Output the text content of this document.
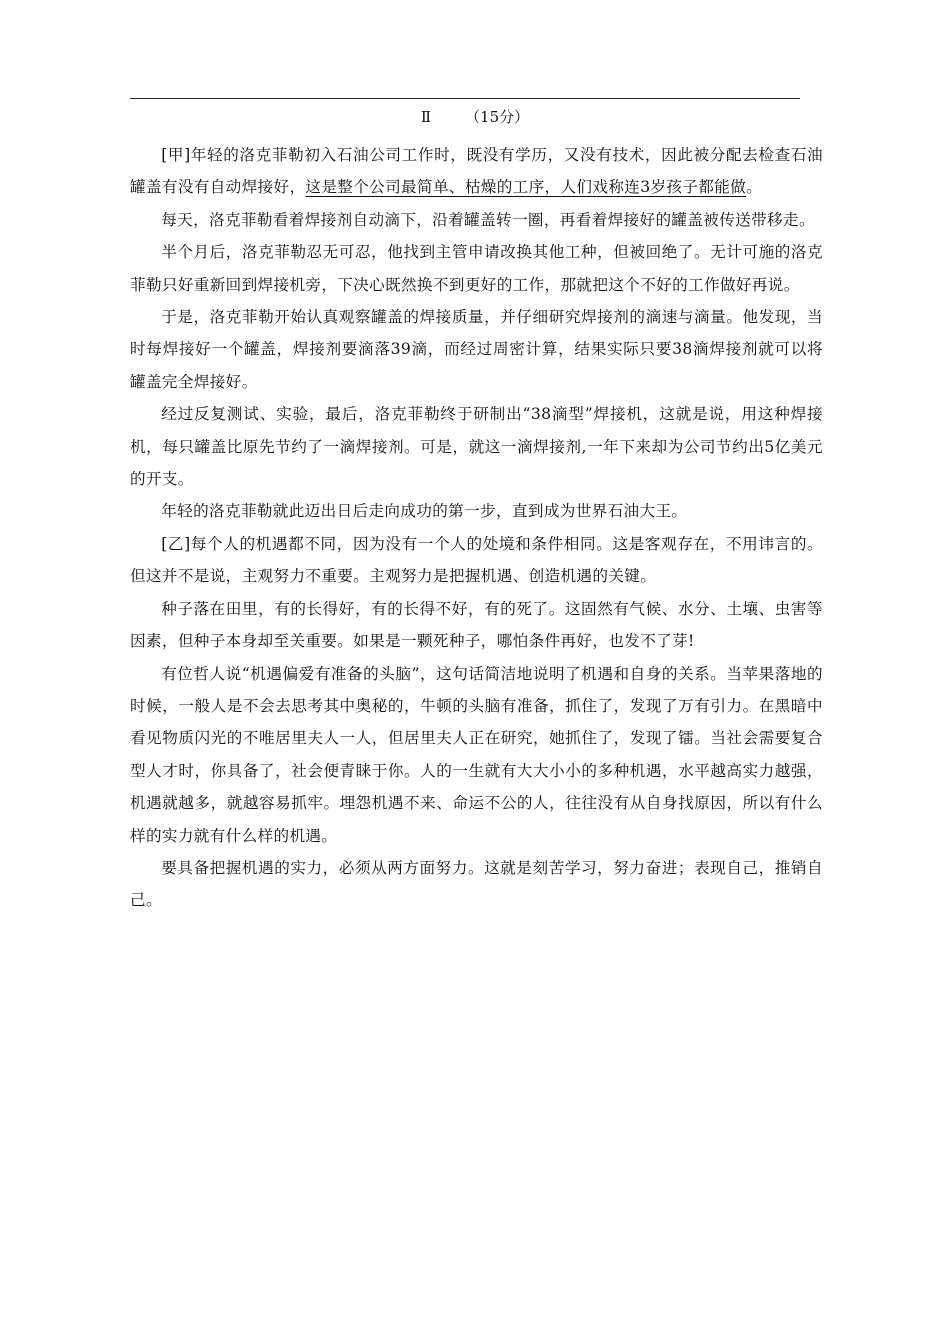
Ⅱ （15分）

[甲]年轻的洛克菲勒初入石油公司工作时，既没有学历，又没有技术，因此被分配去检查石油罐盖有没有自动焊接好，这是整个公司最简单、枯燥的工序，人们戏称连3岁孩子都能做。

每天，洛克菲勒看着焊接剂自动滴下，沿着罐盖转一圈，再看着焊接好的罐盖被传送带移走。

半个月后，洛克菲勒忍无可忍，他找到主管申请改换其他工种，但被回绝了。无计可施的洛克菲勒只好重新回到焊接机旁，下决心既然换不到更好的工作，那就把这个不好的工作做好再说。

于是，洛克菲勒开始认真观察罐盖的焊接质量，并仔细研究焊接剂的滴速与滴量。他发现，当时每焊接好一个罐盖，焊接剂要滴落39滴，而经过周密计算，结果实际只要38滴焊接剂就可以将罐盖完全焊接好。

经过反复测试、实验，最后，洛克菲勒终于研制出“38滴型”焊接机，这就是说，用这种焊接机，每只罐盖比原先节约了一滴焊接剂。可是，就这一滴焊接剂,一年下来却为公司节约出5亿美元的开支。

年轻的洛克菲勒就此迈出日后走向成功的第一步，直到成为世界石油大王。

[乙]每个人的机遇都不同，因为没有一个人的处境和条件相同。这是客观存在，不用讳言的。但这并不是说，主观努力不重要。主观努力是把握机遇、创造机遇的关键。

种子落在田里，有的长得好，有的长得不好，有的死了。这固然有气候、水分、土壤、虫害等因素，但种子本身却至关重要。如果是一颗死种子，哪怕条件再好，也发不了芽!

有位哲人说“机遇偏爱有准备的头脑”，这句话简洁地说明了机遇和自身的关系。当苹果落地的时候，一般人是不会去思考其中奥秘的，牛顿的头脑有准备，抓住了，发现了万有引力。在黑暗中看见物质闪光的不唯居里夫人一人，但居里夫人正在研究，她抓住了，发现了镭。当社会需要复合型人才时，你具备了，社会便青睐于你。人的一生就有大大小小的多种机遇，水平越高实力越强，机遇就越多，就越容易抓牢。埋怨机遇不来、命运不公的人，往往没有从自身找原因，所以有什么样的实力就有什么样的机遇。

要具备把握机遇的实力，必须从两方面努力。这就是刻苦学习，努力奋进；表现自己，推销自己。
